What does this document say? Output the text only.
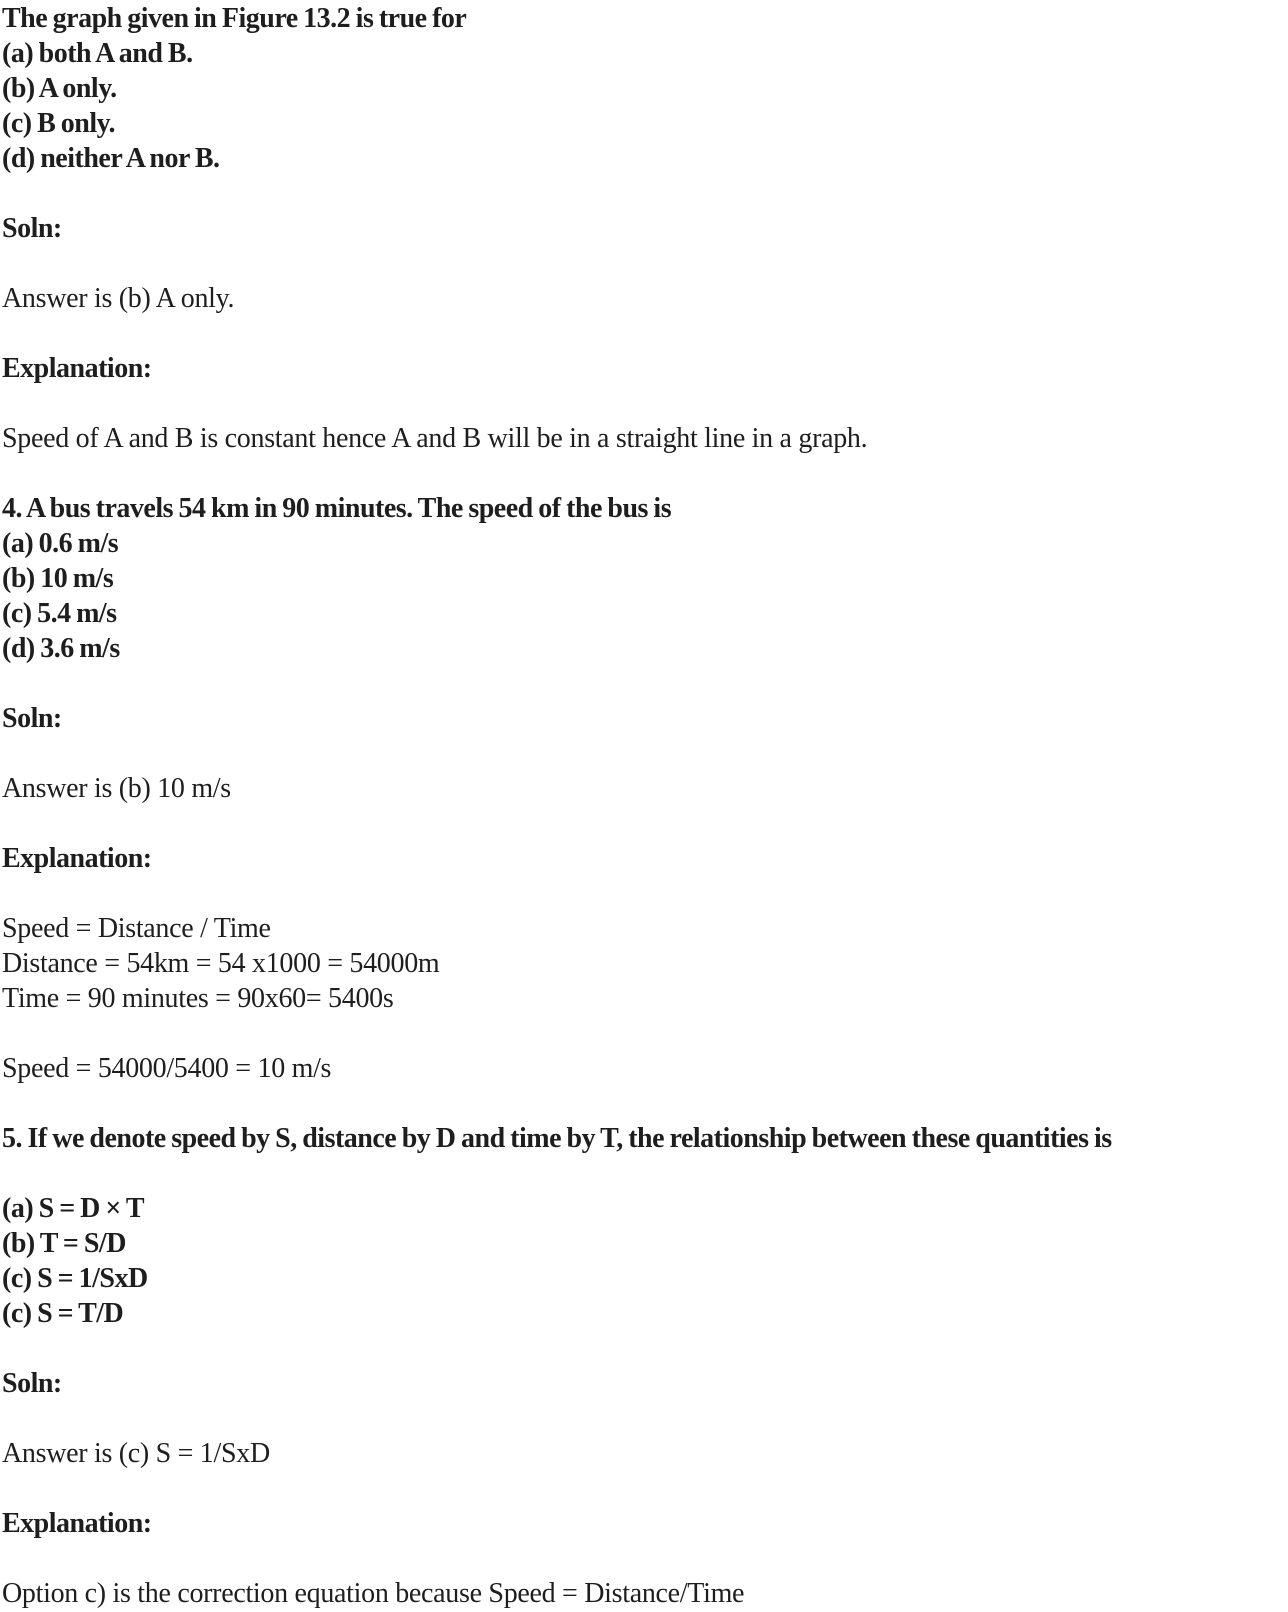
The graph given in Figure 13.2 is true for
(a) both A and B.
(b) A only.
(c) B only.
(d) neither A nor B.
Soln:
Answer is (b) A only.
Explanation:
Speed of A and B is constant hence A and B will be in a straight line in a graph.
4. A bus travels 54 km in 90 minutes. The speed of the bus is
(a) 0.6 m/s
(b) 10 m/s
(c) 5.4 m/s
(d) 3.6 m/s
Soln:
Answer is (b) 10 m/s
Explanation:
Speed = Distance / Time
Distance = 54km = 54 x1000 = 54000m
Time = 90 minutes = 90x60= 5400s
Speed = 54000/5400 = 10 m/s
5. If we denote speed by S, distance by D and time by T, the relationship between these quantities is
(a) S = D × T
(b) T = S/D
(c) S = 1/SxD
(c) S = T/D
Soln:
Answer is (c) S = 1/SxD
Explanation:
Option c) is the correction equation because Speed = Distance/Time
